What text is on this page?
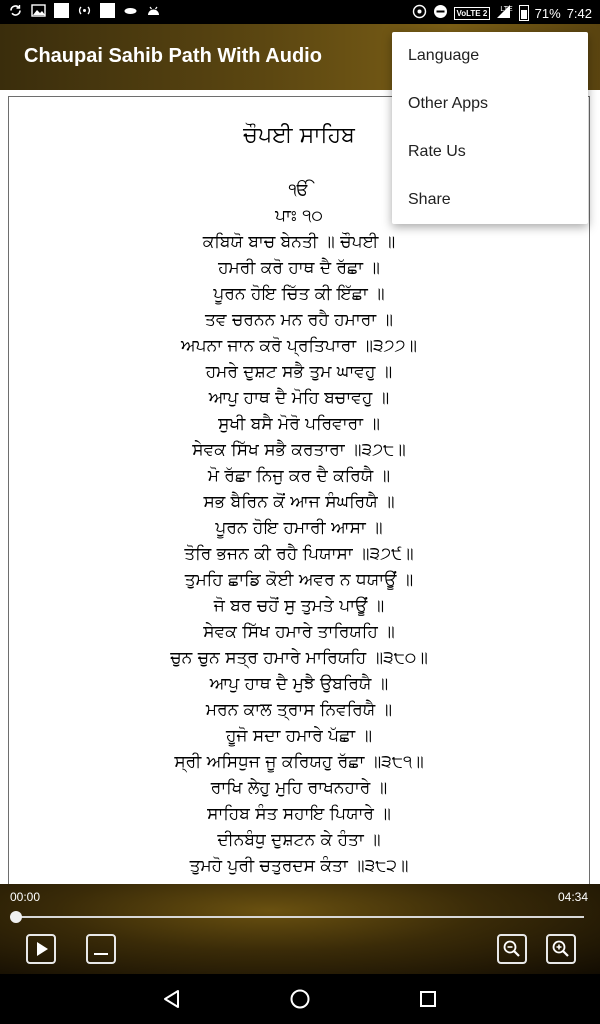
VoLTE 2	LTE 71% 7:42
Chaupai Sahib Path With Audio
ਚੌਪਈ ਸਾਹਿਬ
ੴ
ਪਾਃ ੧੦
ਕਬਿਯੋ ਬਾਚ ਬੇਨਤੀ ॥ ਚੌਪਈ ॥
ਹਮਰੀ ਕਰੋ ਹਾਥ ਦੈ ਰੱਛਾ ॥
ਪੂਰਨ ਹੋਇ ਚਿੱਤ ਕੀ ਇੱਛਾ ॥
ਤਵ ਚਰਨਨ ਮਨ ਰਹੈ ਹਮਾਰਾ ॥
ਅਪਨਾ ਜਾਨ ਕਰੋ ਪ੍ਰਤਿਪਾਰਾ ॥੩੭੭॥
ਹਮਰੇ ਦੁਸ਼ਟ ਸਭੈ ਤੁਮ ਘਾਵਹੁ ॥
ਆਪੁ ਹਾਥ ਦੈ ਮੋਹਿ ਬਚਾਵਹੁ ॥
ਸੁਖੀ ਬਸੈ ਮੋਰੋ ਪਰਿਵਾਰਾ ॥
ਸੇਵਕ ਸਿੱਖ ਸਭੈ ਕਰਤਾਰਾ ॥੩੭੮॥
ਮੋ ਰੱਛਾ ਨਿਜੁ ਕਰ ਦੈ ਕਰਿਯੈ ॥
ਸਭ ਬੈਰਿਨ ਕੋਂ ਆਜ ਸੰਘਰਿਯੈ ॥
ਪੂਰਨ ਹੋਇ ਹਮਾਰੀ ਆਸਾ ॥
ਤੋਰਿ ਭਜਨ ਕੀ ਰਹੈ ਪਿਯਾਸਾ ॥੩੭੯॥
ਤੁਮਹਿ ਛਾਡਿ ਕੋਈ ਅਵਰ ਨ ਧਯਾਊਂ ॥
ਜੋ ਬਰ ਚਹੋਂ ਸੁ ਤੁਮਤੇ ਪਾਊਂ ॥
ਸੇਵਕ ਸਿੱਖ ਹਮਾਰੇ ਤਾਰਿਯਹਿ ॥
ਚੁਨ ਚੁਨ ਸਤ੍ਰ ਹਮਾਰੇ ਮਾਰਿਯਹਿ ॥੩੮੦॥
ਆਪੁ ਹਾਥ ਦੈ ਮੁਝੈ ਉਬਰਿਯੈ ॥
ਮਰਨ ਕਾਲ ਤ੍ਰਾਸ ਨਿਵਰਿਯੈ ॥
ਹੂਜੋ ਸਦਾ ਹਮਾਰੇ ਪੱਛਾ ॥
ਸ੍ਰੀ ਅਸਿਧੁਜ ਜੂ ਕਰਿਯਹੁ ਰੱਛਾ ॥੩੮੧॥
ਰਾਖਿ ਲੇਹੁ ਮੁਹਿ ਰਾਖਨਹਾਰੇ ॥
ਸਾਹਿਬ ਸੰਤ ਸਹਾਇ ਪਿਯਾਰੇ ॥
ਦੀਨਬੰਧੁ ਦੁਸ਼ਟਨ ਕੇ ਹੰਤਾ ॥
ਤੁਮਹੋ ਪੁਰੀ ਚਤੁਰਦਸ ਕੰਤਾ ॥੩੮੨॥
Language
Other Apps
Rate Us
Share
00:00	04:34
